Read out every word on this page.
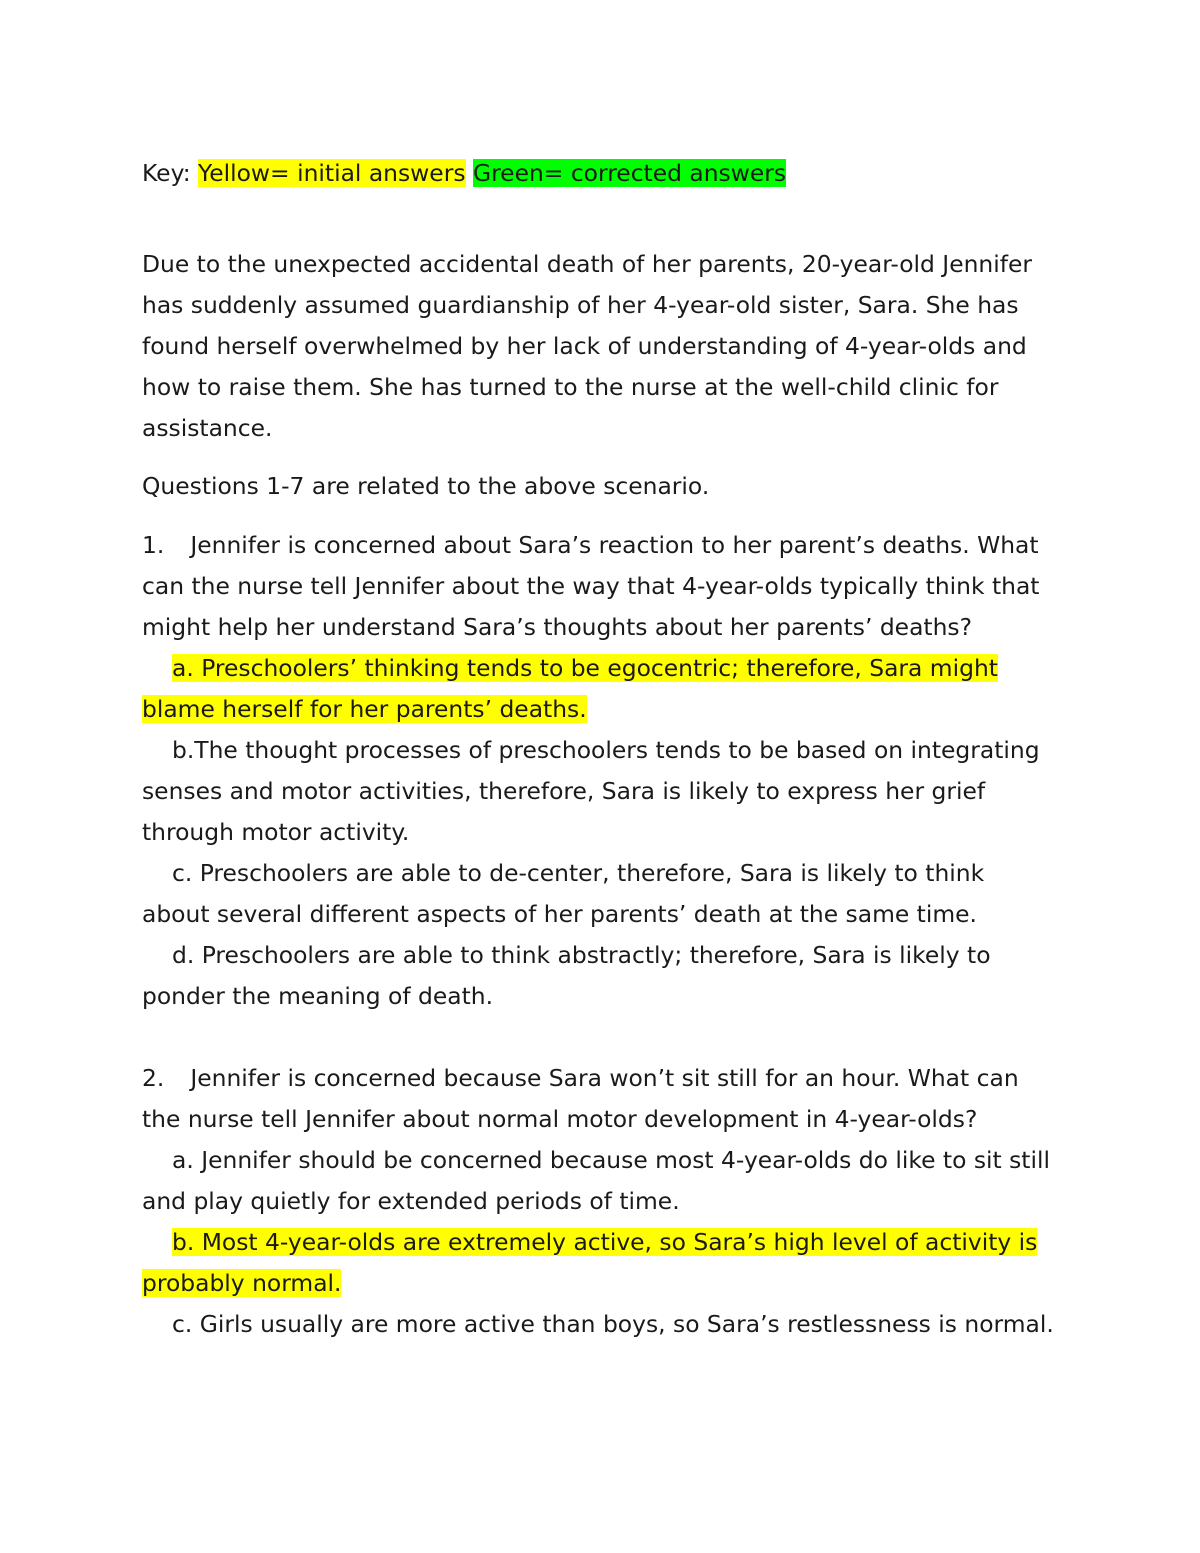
Key: Yellow= initial answers Green= corrected answers
Due to the unexpected accidental death of her parents, 20-year-old Jennifer
has suddenly assumed guardianship of her 4-year-old sister, Sara. She has
found herself overwhelmed by her lack of understanding of 4-year-olds and
how to raise them. She has turned to the nurse at the well-child clinic for
assistance.
Questions 1-7 are related to the above scenario.
1. Jennifer is concerned about Sara’s reaction to her parent’s deaths. What
can the nurse tell Jennifer about the way that 4-year-olds typically think that
might help her understand Sara’s thoughts about her parents’ deaths?
a. Preschoolers’ thinking tends to be egocentric; therefore, Sara might
blame herself for her parents’ deaths.
b.The thought processes of preschoolers tends to be based on integrating
senses and motor activities, therefore, Sara is likely to express her grief
through motor activity.
c. Preschoolers are able to de-center, therefore, Sara is likely to think
about several different aspects of her parents’ death at the same time.
d. Preschoolers are able to think abstractly; therefore, Sara is likely to
ponder the meaning of death.
2. Jennifer is concerned because Sara won’t sit still for an hour. What can
the nurse tell Jennifer about normal motor development in 4-year-olds?
a. Jennifer should be concerned because most 4-year-olds do like to sit still
and play quietly for extended periods of time.
b. Most 4-year-olds are extremely active, so Sara’s high level of activity is
probably normal.
c. Girls usually are more active than boys, so Sara’s restlessness is normal.
